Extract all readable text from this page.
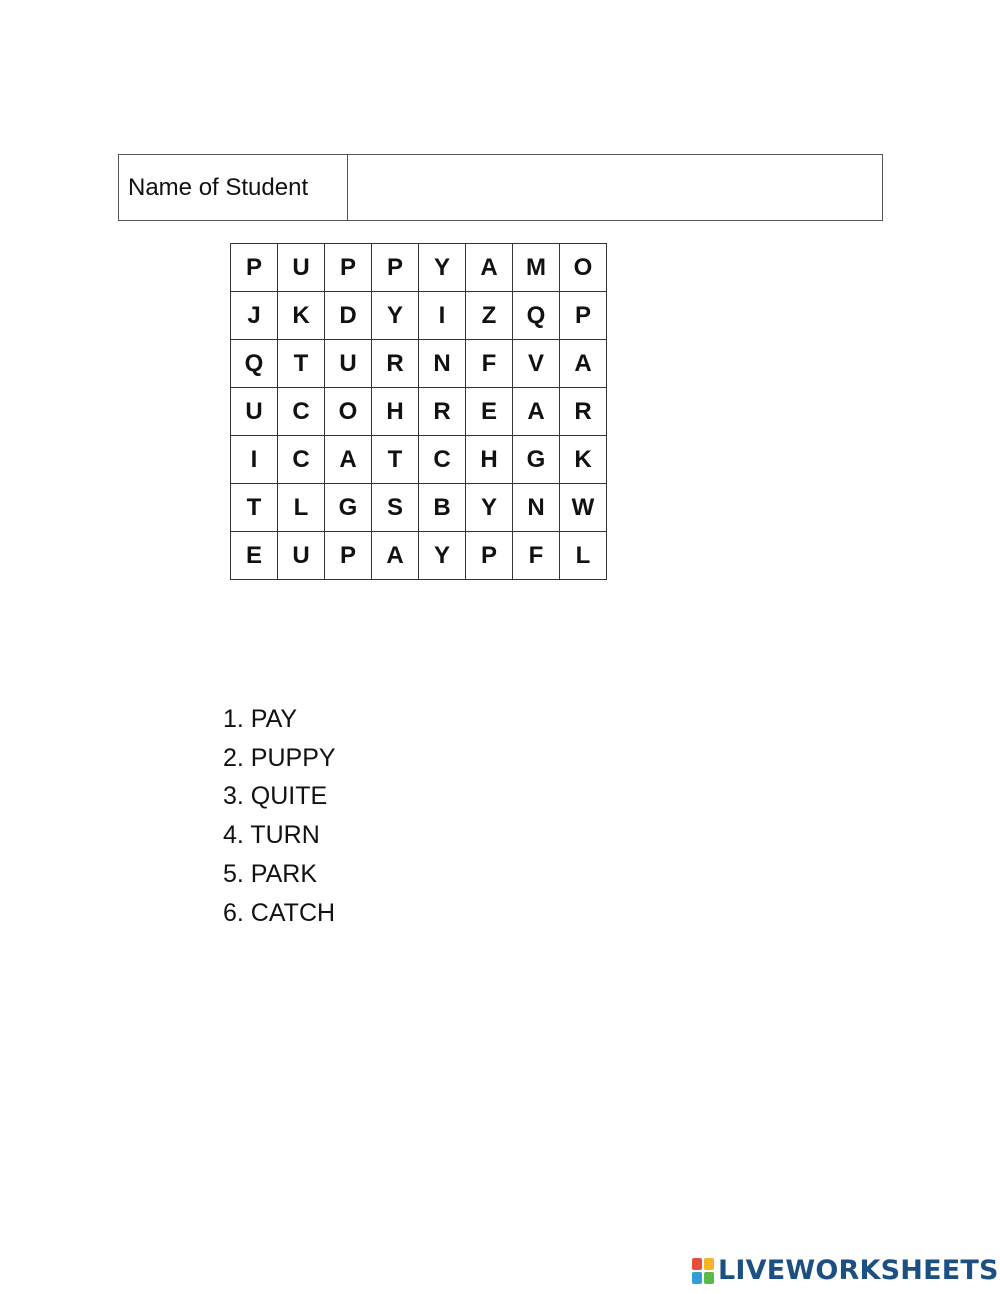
Name of Student	
P	U	P	P	Y	A	M	O
J	K	D	Y	I	Z	Q	P
Q	T	U	R	N	F	V	A
U	C	O	H	R	E	A	R
I	C	A	T	C	H	G	K
T	L	G	S	B	Y	N	W
E	U	P	A	Y	P	F	L
1. PAY
2. PUPPY
3. QUITE
4. TURN
5. PARK
6. CATCH
LIVEWORKSHEETS
